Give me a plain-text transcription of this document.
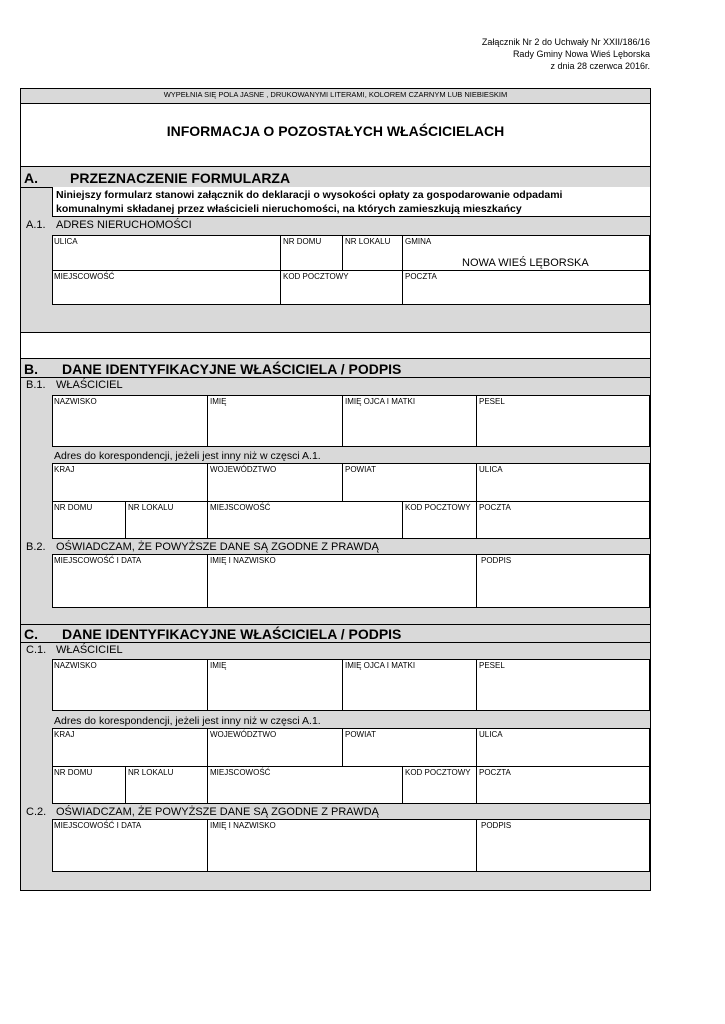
Załącznik Nr 2 do Uchwały Nr XXII/186/16
Rady Gminy Nowa Wieś Lęborska
z dnia 28 czerwca 2016r.
WYPEŁNIA SIĘ POLA JASNE , DRUKOWANYMI LITERAMI, KOLOREM CZARNYM LUB NIEBIESKIM
INFORMACJA O POZOSTAŁYCH WŁAŚCICIELACH
A. PRZEZNACZENIE FORMULARZA
Niniejszy formularz stanowi załącznik do deklaracji o wysokości opłaty za gospodarowanie odpadami
komunalnymi składanej przez właścicieli nieruchomości, na których zamieszkują mieszkańcy
A.1. ADRES NIERUCHOMOŚCI
ULICA	NR DOMU	NR LOKALU	GMINA
NOWA WIEŚ LĘBORSKA
MIEJSCOWOŚĆ	KOD POCZTOWY	POCZTA
B. DANE IDENTYFIKACYJNE WŁAŚCICIELA / PODPIS
B.1. WŁAŚCICIEL
NAZWISKO	IMIĘ	IMIĘ OJCA I MATKI	PESEL
Adres do korespondencji, jeżeli jest inny niż w częsci A.1.
KRAJ	WOJEWÓDZTWO	POWIAT	ULICA
NR DOMU	NR LOKALU	MIEJSCOWOŚĆ	KOD POCZTOWY	POCZTA
B.2. OŚWIADCZAM, ŻE POWYŻSZE DANE SĄ ZGODNE Z PRAWDĄ
MIEJSCOWOŚĆ I DATA	IMIĘ I NAZWISKO	PODPIS
C. DANE IDENTYFIKACYJNE WŁAŚCICIELA / PODPIS
C.1. WŁAŚCICIEL
NAZWISKO	IMIĘ	IMIĘ OJCA I MATKI	PESEL
Adres do korespondencji, jeżeli jest inny niż w częsci A.1.
KRAJ	WOJEWÓDZTWO	POWIAT	ULICA
NR DOMU	NR LOKALU	MIEJSCOWOŚĆ	KOD POCZTOWY	POCZTA
C.2. OŚWIADCZAM, ŻE POWYŻSZE DANE SĄ ZGODNE Z PRAWDĄ
MIEJSCOWOŚĆ I DATA	IMIĘ I NAZWISKO	PODPIS
